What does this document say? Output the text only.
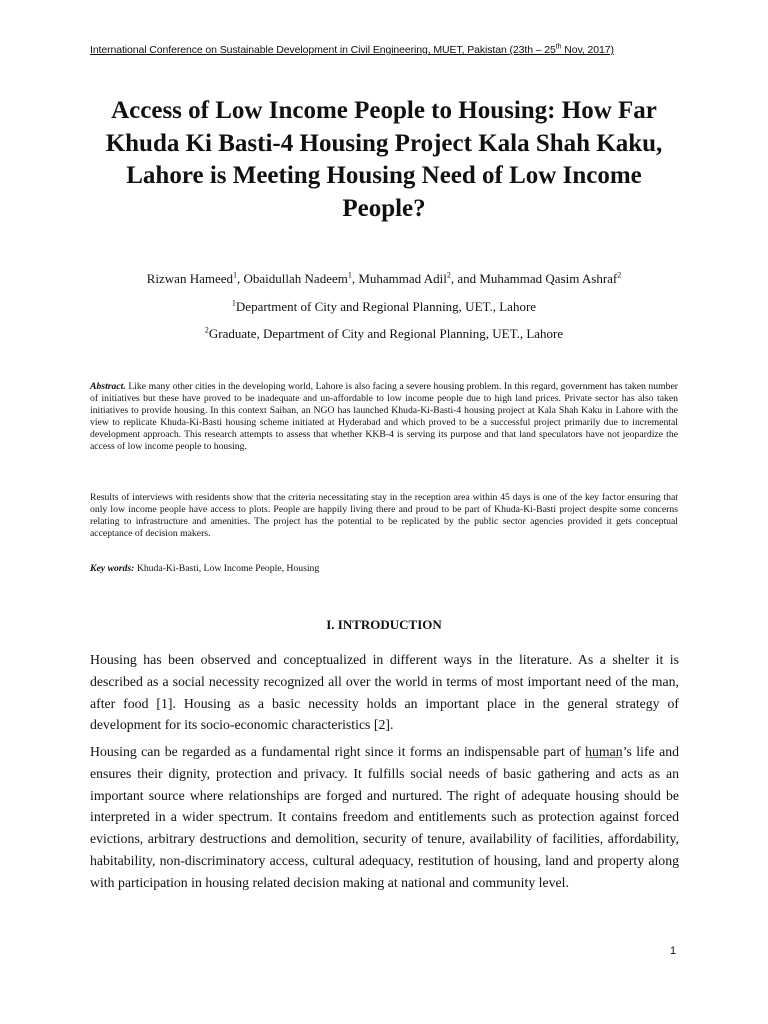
International Conference on Sustainable Development in Civil Engineering, MUET, Pakistan (23th – 25th Nov, 2017)
Access of Low Income People to Housing: How Far Khuda Ki Basti-4 Housing Project Kala Shah Kaku, Lahore is Meeting Housing Need of Low Income People?
Rizwan Hameed$^1$, Obaidullah Nadeem$^1$, Muhammad Adil$^2$, and Muhammad Qasim Ashraf$^2$
$^1$Department of City and Regional Planning, UET., Lahore
$^2$Graduate, Department of City and Regional Planning, UET., Lahore
Abstract. Like many other cities in the developing world, Lahore is also facing a severe housing problem. In this regard, government has taken number of initiatives but these have proved to be inadequate and un-affordable to low income people due to high land prices. Private sector has also taken initiatives to provide housing. In this context Saiban, an NGO has launched Khuda-Ki-Basti-4 housing project at Kala Shah Kaku in Lahore with the view to replicate Khuda-Ki-Basti housing scheme initiated at Hyderabad and which proved to be a successful project primarily due to incremental development approach. This research attempts to assess that whether KKB-4 is serving its purpose and that land speculators have not jeopardize the access of low income people to housing.
Results of interviews with residents show that the criteria necessitating stay in the reception area within 45 days is one of the key factor ensuring that only low income people have access to plots. People are happily living there and proud to be part of Khuda-Ki-Basti project despite some concerns relating to infrastructure and amenities. The project has the potential to be replicated by the public sector agencies provided it gets conceptual acceptance of decision makers.
Key words: Khuda-Ki-Basti, Low Income People, Housing
I. INTRODUCTION
Housing has been observed and conceptualized in different ways in the literature. As a shelter it is described as a social necessity recognized all over the world in terms of most important need of the man, after food [1]. Housing as a basic necessity holds an important place in the general strategy of development for its socio-economic characteristics [2].
Housing can be regarded as a fundamental right since it forms an indispensable part of human’s life and ensures their dignity, protection and privacy. It fulfills social needs of basic gathering and acts as an important source where relationships are forged and nurtured. The right of adequate housing should be interpreted in a wider spectrum. It contains freedom and entitlements such as protection against forced evictions, arbitrary destructions and demolition, security of tenure, availability of facilities, affordability, habitability, non-discriminatory access, cultural adequacy, restitution of housing, land and property along with participation in housing related decision making at national and community level.
1
